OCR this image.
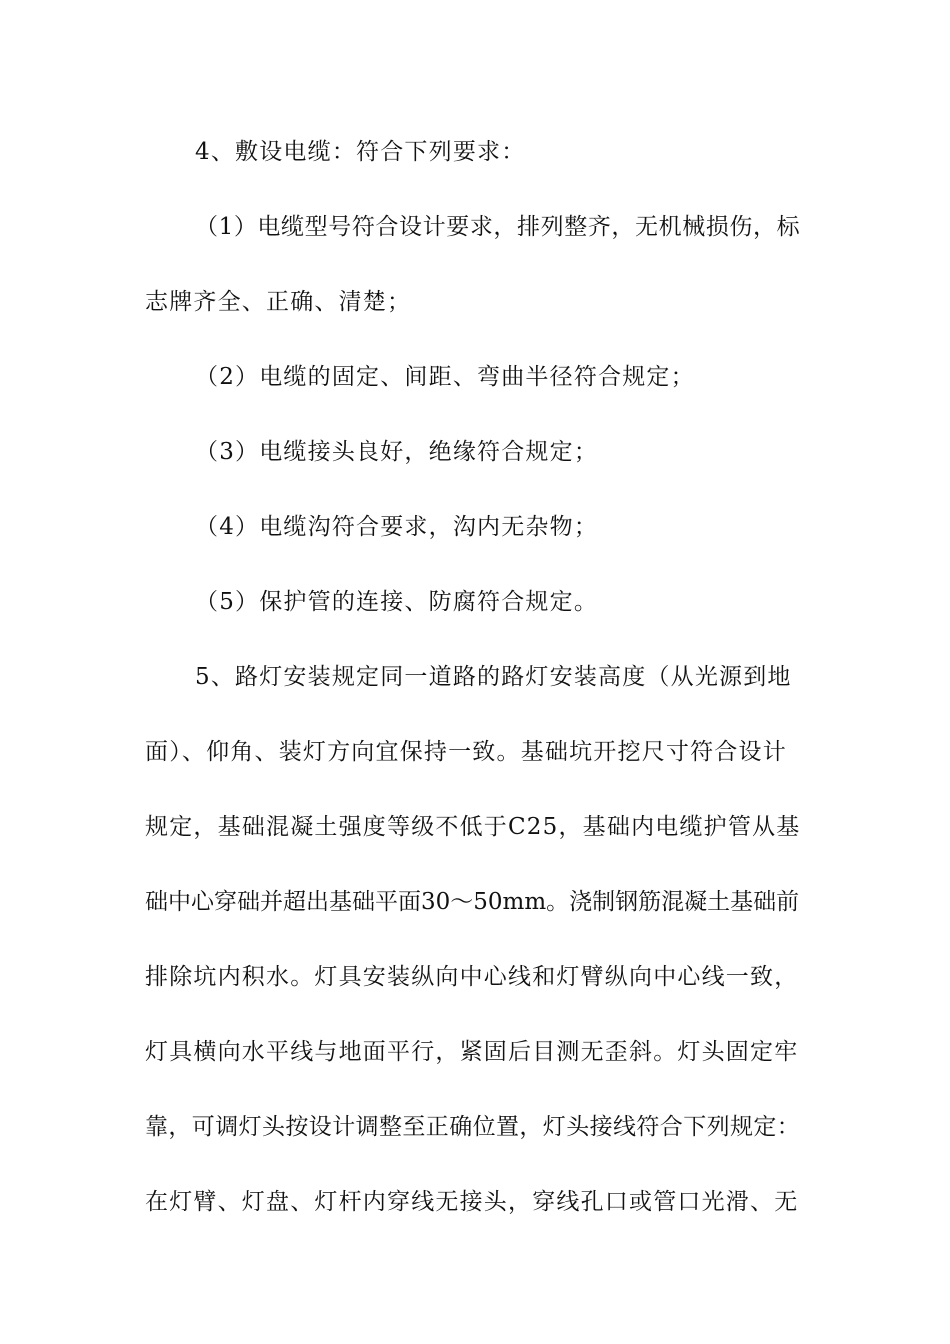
4、敷设电缆：符合下列要求：
（1）电缆型号符合设计要求，排列整齐，无机械损伤，标
志牌齐全、正确、清楚；
（2）电缆的固定、间距、弯曲半径符合规定；
（3）电缆接头良好，绝缘符合规定；
（4）电缆沟符合要求，沟内无杂物；
（5）保护管的连接、防腐符合规定。
5、路灯安装规定同一道路的路灯安装高度（从光源到地
面）、仰角、装灯方向宜保持一致。基础坑开挖尺寸符合设计
规定，基础混凝土强度等级不低于C25，基础内电缆护管从基
础中心穿础并超出基础平面30～50mm。浇制钢筋混凝土基础前
排除坑内积水。灯具安装纵向中心线和灯臂纵向中心线一致，
灯具横向水平线与地面平行，紧固后目测无歪斜。灯头固定牢
靠，可调灯头按设计调整至正确位置，灯头接线符合下列规定：
在灯臂、灯盘、灯杆内穿线无接头，穿线孔口或管口光滑、无
